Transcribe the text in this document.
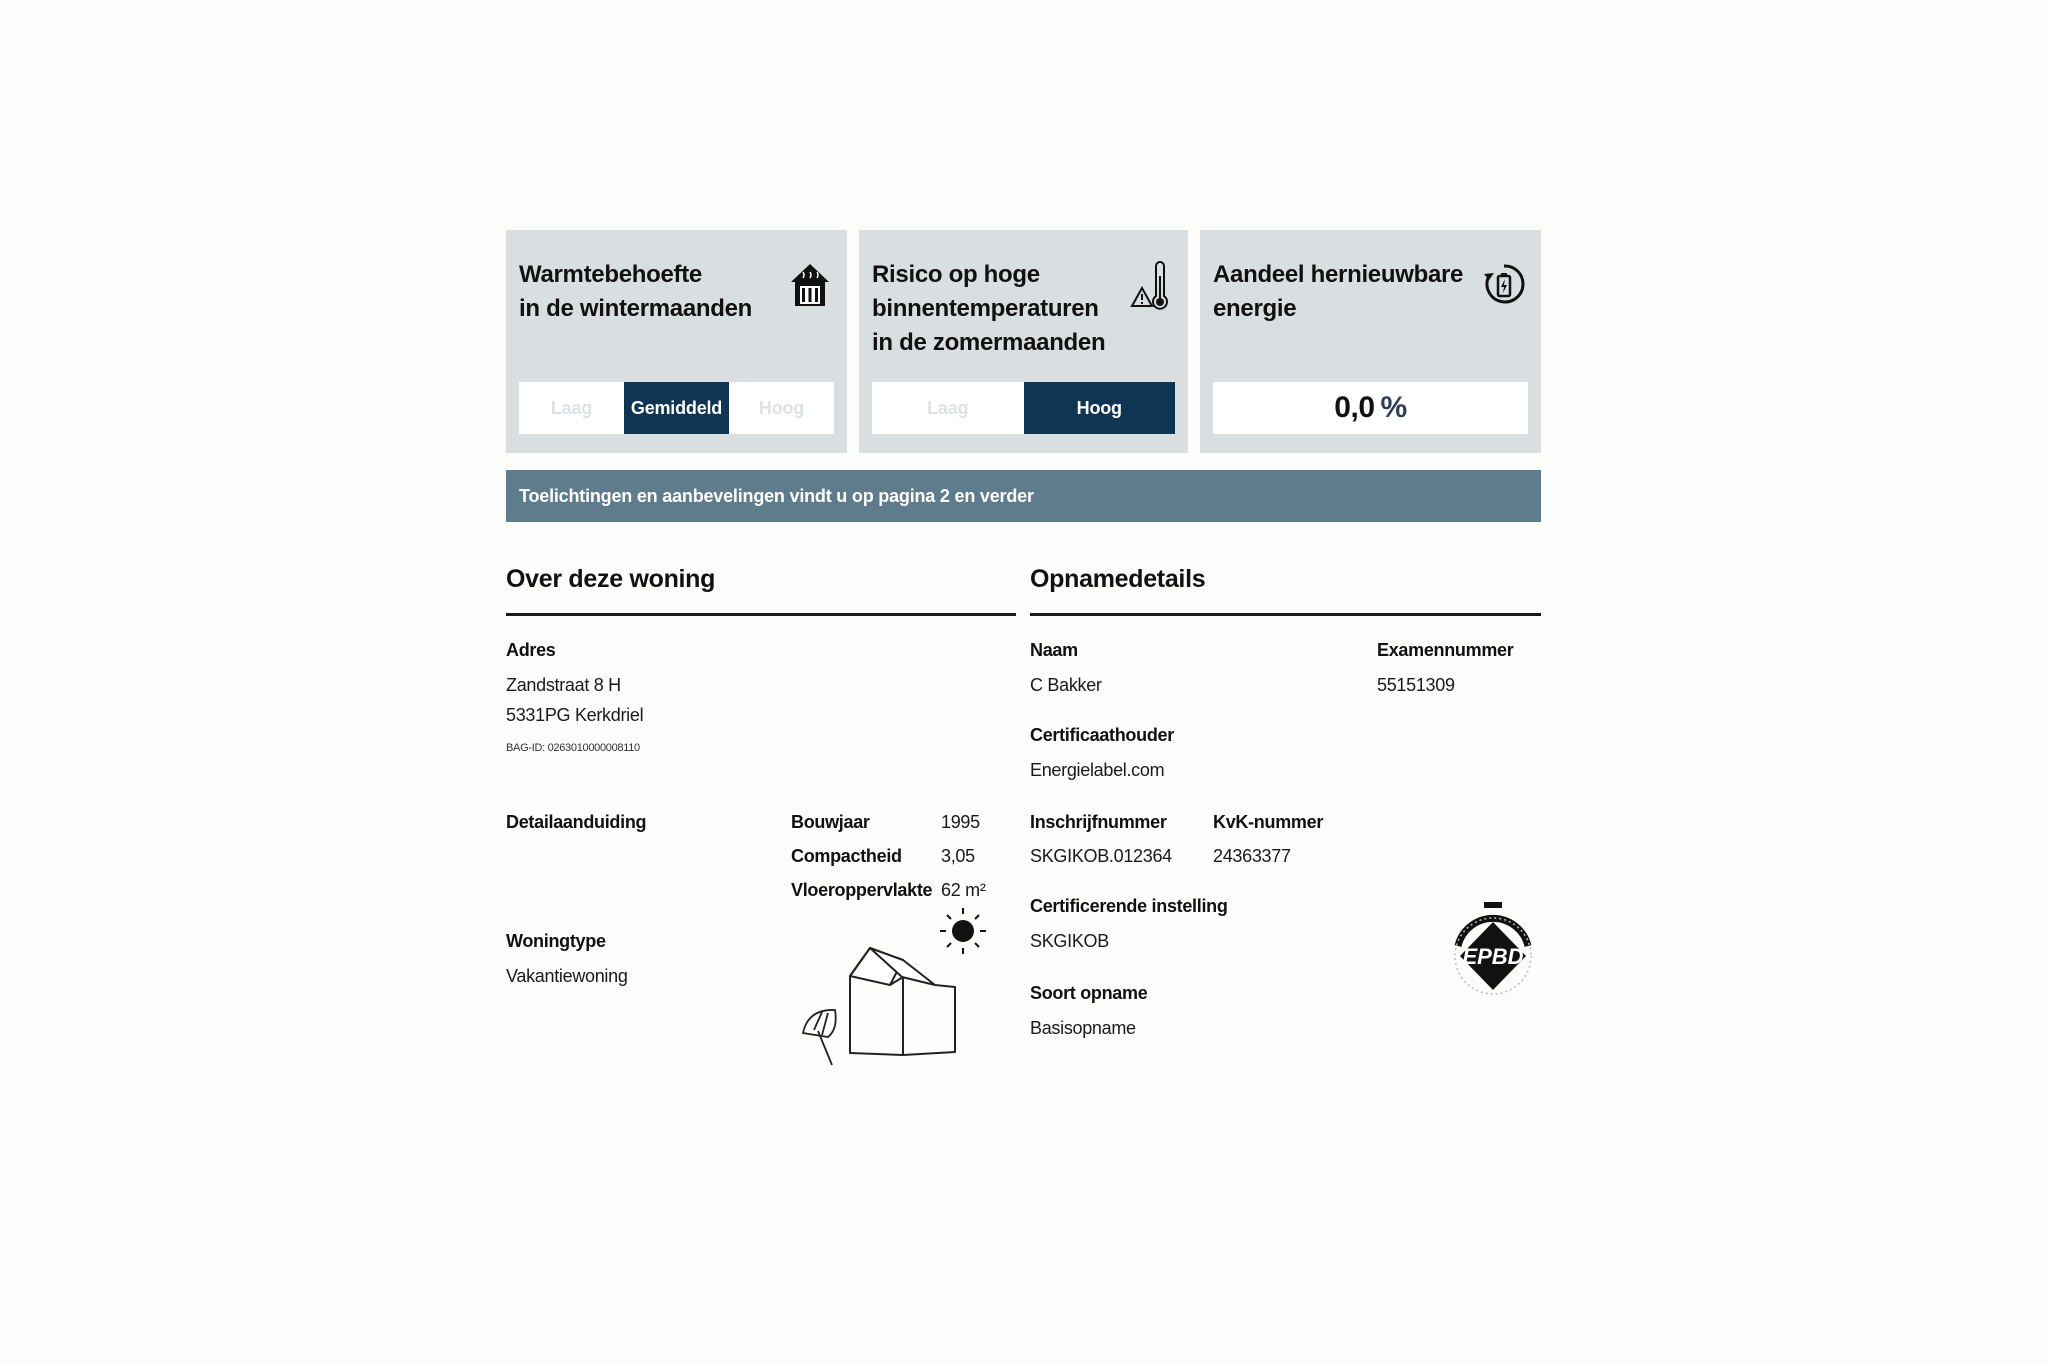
Warmtebehoefte
in de wintermaanden
Laag	Gemiddeld	Hoog
Risico op hoge
binnentemperaturen
in de zomermaanden
Laag	Hoog
Aandeel hernieuwbare
energie
0,0 %
Toelichtingen en aanbevelingen vindt u op pagina 2 en verder
Over deze woning
Adres
Zandstraat 8 H
5331PG Kerkdriel
BAG-ID: 0263010000008110
Detailaanduiding	Bouwjaar	1995
Compactheid 3,05
Vloeroppervlakte 62 m²
Woningtype
Vakantiewoning
Opnamedetails
Naam
C Bakker
Examennummer
55151309
Certificaathouder
Energielabel.com
Inschrijfnummer
SKGIKOB.012364
KvK-nummer
24363377
Certificerende instelling
SKGIKOB
Soort opname
Basisopname
EPBD
